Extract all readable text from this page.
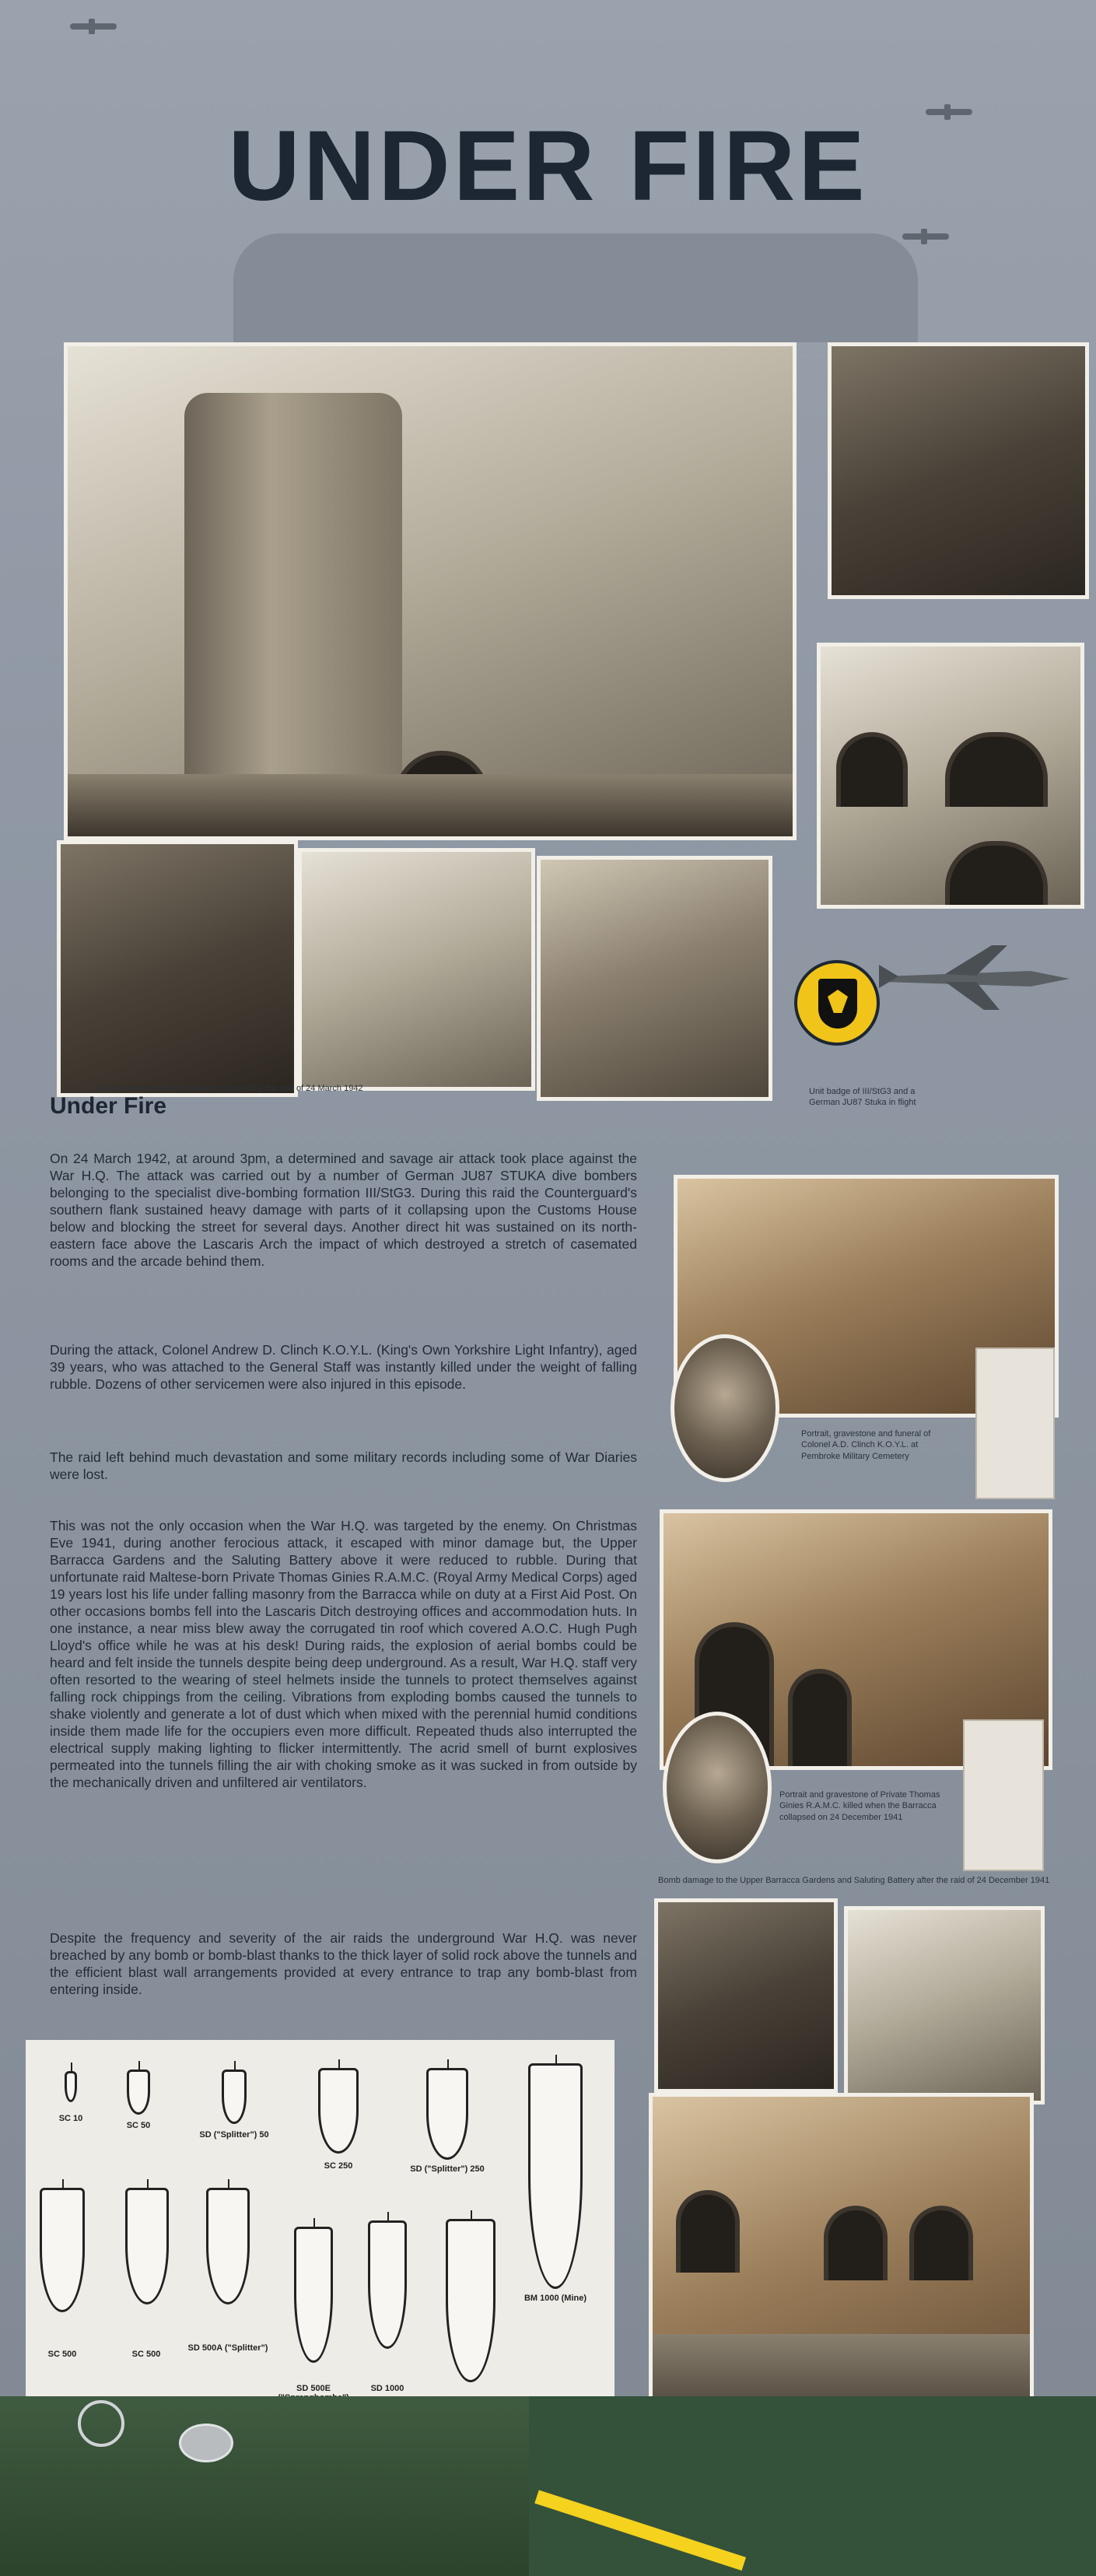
UNDER FIRE
Various views of the devastation caused by the raid of 24 March 1942	Unit badge of III/StG3 and a German JU87 Stuka in flight
Under Fire

On 24 March 1942, at around 3pm, a determined and savage air attack took place against the War H.Q. The attack was carried out by a number of German JU87 STUKA dive bombers belonging to the specialist dive-bombing formation III/StG3. During this raid the Counterguard's southern flank sustained heavy damage with parts of it collapsing upon the Customs House below and blocking the street for several days. Another direct hit was sustained on its north-eastern face above the Lascaris Arch the impact of which destroyed a stretch of casemated rooms and the arcade behind them.

During the attack, Colonel Andrew D. Clinch K.O.Y.L. (King's Own Yorkshire Light Infantry), aged 39 years, who was attached to the General Staff was instantly killed under the weight of falling rubble. Dozens of other servicemen were also injured in this episode.

The raid left behind much devastation and some military records including some of War Diaries were lost.

This was not the only occasion when the War H.Q. was targeted by the enemy. On Christmas Eve 1941, during another ferocious attack, it escaped with minor damage but, the Upper Barracca Gardens and the Saluting Battery above it were reduced to rubble. During that unfortunate raid Maltese-born Private Thomas Ginies R.A.M.C. (Royal Army Medical Corps) aged 19 years lost his life under falling masonry from the Barracca while on duty at a First Aid Post. On other occasions bombs fell into the Lascaris Ditch destroying offices and accommodation huts. In one instance, a near miss blew away the corrugated tin roof which covered A.O.C. Hugh Pugh Lloyd's office while he was at his desk! During raids, the explosion of aerial bombs could be heard and felt inside the tunnels despite being deep underground. As a result, War H.Q. staff very often resorted to the wearing of steel helmets inside the tunnels to protect themselves against falling rock chippings from the ceiling. Vibrations from exploding bombs caused the tunnels to shake violently and generate a lot of dust which when mixed with the perennial humid conditions inside them made life for the occupiers even more difficult. Repeated thuds also interrupted the electrical supply making lighting to flicker intermittently. The acrid smell of burnt explosives permeated into the tunnels filling the air with choking smoke as it was sucked in from outside by the mechanically driven and unfiltered air ventilators.

Despite the frequency and severity of the air raids the underground War H.Q. was never breached by any bomb or bomb-blast thanks to the thick layer of solid rock above the tunnels and the efficient blast wall arrangements provided at every entrance to trap any bomb-blast from entering inside.

Portrait, gravestone and funeral of Colonel A.D. Clinch K.O.Y.L. at Pembroke Military Cemetery
Portrait and gravestone of Private Thomas Ginies R.A.M.C. killed when the Barracca collapsed on 24 December 1941
Bomb damage to the Upper Barracca Gardens and Saluting Battery after the raid of 24 December 1941
SC 10
SC 50
SD ("Splitter") 50
SC 250	SD ("Splitter") 250
BM 1000 (Mine)
SC 500	SC 500
SD 500A ("Splitter")
SD 500E	SD 1000
